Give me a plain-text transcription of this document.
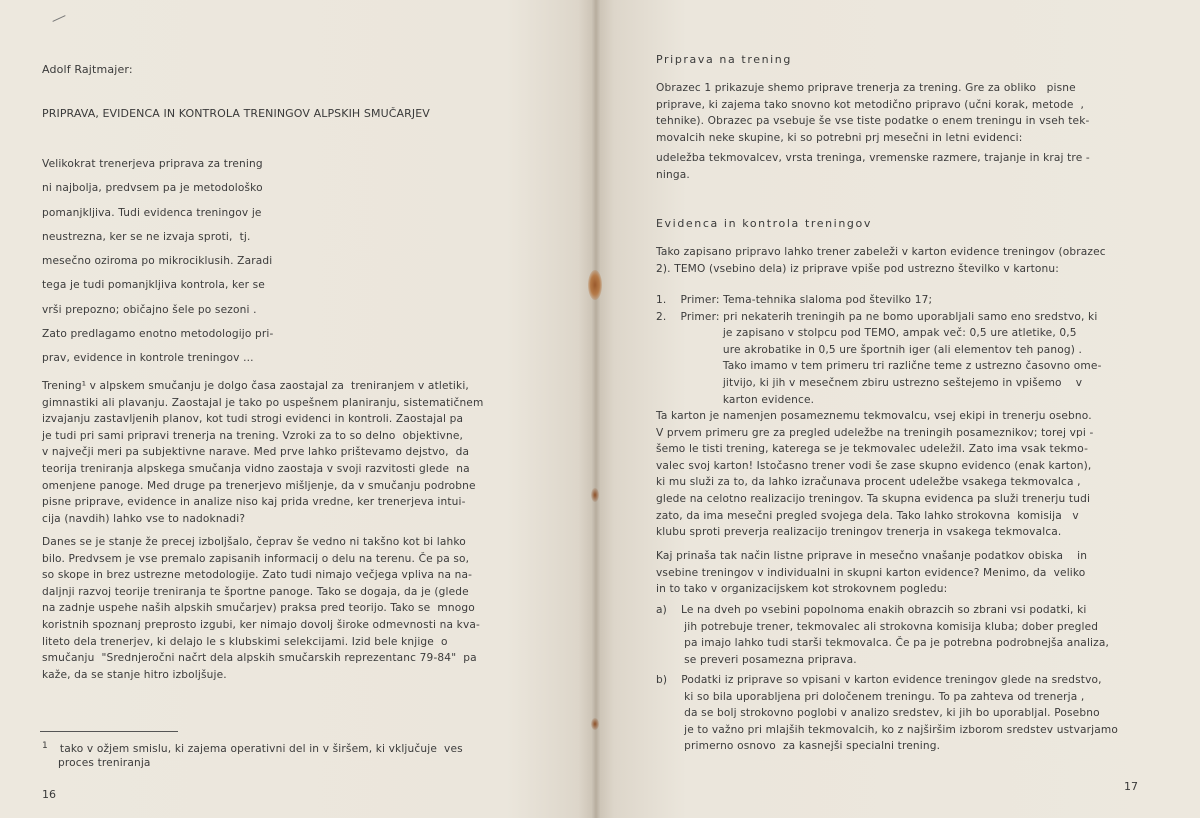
Adolf Rajtmajer:
PRIPRAVA, EVIDENCA IN KONTROLA TRENINGOV ALPSKIH SMUČARJEV
Velikokrat trenerjeva priprava za trening
ni najbolja, predvsem pa je metodološko
pomanjkljiva. Tudi evidenca treningov je
neustrezna, ker se ne izvaja sproti,  tj.
mesečno oziroma po mikrociklusih. Zaradi
tega je tudi pomanjkljiva kontrola, ker se
vrši prepozno; običajno šele po sezoni .
Zato predlagamo enotno metodologijo pri-
prav, evidence in kontrole treningov ...
Trening¹ v alpskem smučanju je dolgo časa zaostajal za  treniranjem v atletiki,
gimnastiki ali plavanju. Zaostajal je tako po uspešnem planiranju, sistematičnem
izvajanju zastavljenih planov, kot tudi strogi evidenci in kontroli. Zaostajal pa
je tudi pri sami pripravi trenerja na trening. Vzroki za to so delno  objektivne,
v največji meri pa subjektivne narave. Med prve lahko prištevamo dejstvo,  da
teorija treniranja alpskega smučanja vidno zaostaja v svoji razvitosti glede  na
omenjene panoge. Med druge pa trenerjevo mišljenje, da v smučanju podrobne
pisne priprave, evidence in analize niso kaj prida vredne, ker trenerjeva intui-
cija (navdih) lahko vse to nadoknadi?
Danes se je stanje že precej izboljšalo, čeprav še vedno ni takšno kot bi lahko
bilo. Predvsem je vse premalo zapisanih informacij o delu na terenu. Če pa so,
so skope in brez ustrezne metodologije. Zato tudi nimajo večjega vpliva na na-
daljnji razvoj teorije treniranja te športne panoge. Tako se dogaja, da je (glede
na zadnje uspehe naših alpskih smučarjev) praksa pred teorijo. Tako se  mnogo
koristnih spoznanj preprosto izgubi, ker nimajo dovolj široke odmevnosti na kva-
liteto dela trenerjev, ki delajo le s klubskimi selekcijami. Izid bele knjige  o
smučanju  "Srednjeročni načrt dela alpskih smučarskih reprezentanc 79-84"  pa
kaže, da se stanje hitro izboljšuje.
$^1$ tako v ožjem smislu, ki zajema operativni del in v širšem, ki vključuje  ves
proces treniranja
16
Priprava na trening
Obrazec 1 prikazuje shemo priprave trenerja za trening. Gre za obliko   pisne
priprave, ki zajema tako snovno kot metodično pripravo (učni korak, metode  ,
tehnike). Obrazec pa vsebuje še vse tiste podatke o enem treningu in vseh tek-
movalcih neke skupine, ki so potrebni prj mesečni in letni evidenci:
udeležba tekmovalcev, vrsta treninga, vremenske razmere, trajanje in kraj tre -
ninga.
Evidenca in kontrola treningov
Tako zapisano pripravo lahko trener zabeleži v karton evidence treningov (obrazec
2). TEMO (vsebino dela) iz priprave vpiše pod ustrezno številko v kartonu:
1.    Primer: Tema-tehnika slaloma pod številko 17;
2.    Primer: pri nekaterih treningih pa ne bomo uporabljali samo eno sredstvo, ki
je zapisano v stolpcu pod TEMO, ampak več: 0,5 ure atletike, 0,5
ure akrobatike in 0,5 ure športnih iger (ali elementov teh panog) .
Tako imamo v tem primeru tri različne teme z ustrezno časovno ome-
jitvijo, ki jih v mesečnem zbiru ustrezno seštejemo in vpišemo    v
karton evidence.
Ta karton je namenjen posameznemu tekmovalcu, vsej ekipi in trenerju osebno.
V prvem primeru gre za pregled udeležbe na treningih posameznikov; torej vpi -
šemo le tisti trening, katerega se je tekmovalec udeležil. Zato ima vsak tekmo-
valec svoj karton! Istočasno trener vodi še zase skupno evidenco (enak karton),
ki mu služi za to, da lahko izračunava procent udeležbe vsakega tekmovalca ,
glede na celotno realizacijo treningov. Ta skupna evidenca pa služi trenerju tudi
zato, da ima mesečni pregled svojega dela. Tako lahko strokovna  komisija   v
klubu sproti preverja realizacijo treningov trenerja in vsakega tekmovalca.
Kaj prinaša tak način listne priprave in mesečno vnašanje podatkov obiska    in
vsebine treningov v individualni in skupni karton evidence? Menimo, da  veliko
in to tako v organizacijskem kot strokovnem pogledu:
a)    Le na dveh po vsebini popolnoma enakih obrazcih so zbrani vsi podatki, ki
jih potrebuje trener, tekmovalec ali strokovna komisija kluba; dober pregled
pa imajo lahko tudi starši tekmovalca. Če pa je potrebna podrobnejša analiza,
se preveri posamezna priprava.
b)    Podatki iz priprave so vpisani v karton evidence treningov glede na sredstvo,
ki so bila uporabljena pri določenem treningu. To pa zahteva od trenerja ,
da se bolj strokovno poglobi v analizo sredstev, ki jih bo uporabljal. Posebno
je to važno pri mlajših tekmovalcih, ko z najširšim izborom sredstev ustvarjamo
primerno osnovo  za kasnejši specialni trening.
17
